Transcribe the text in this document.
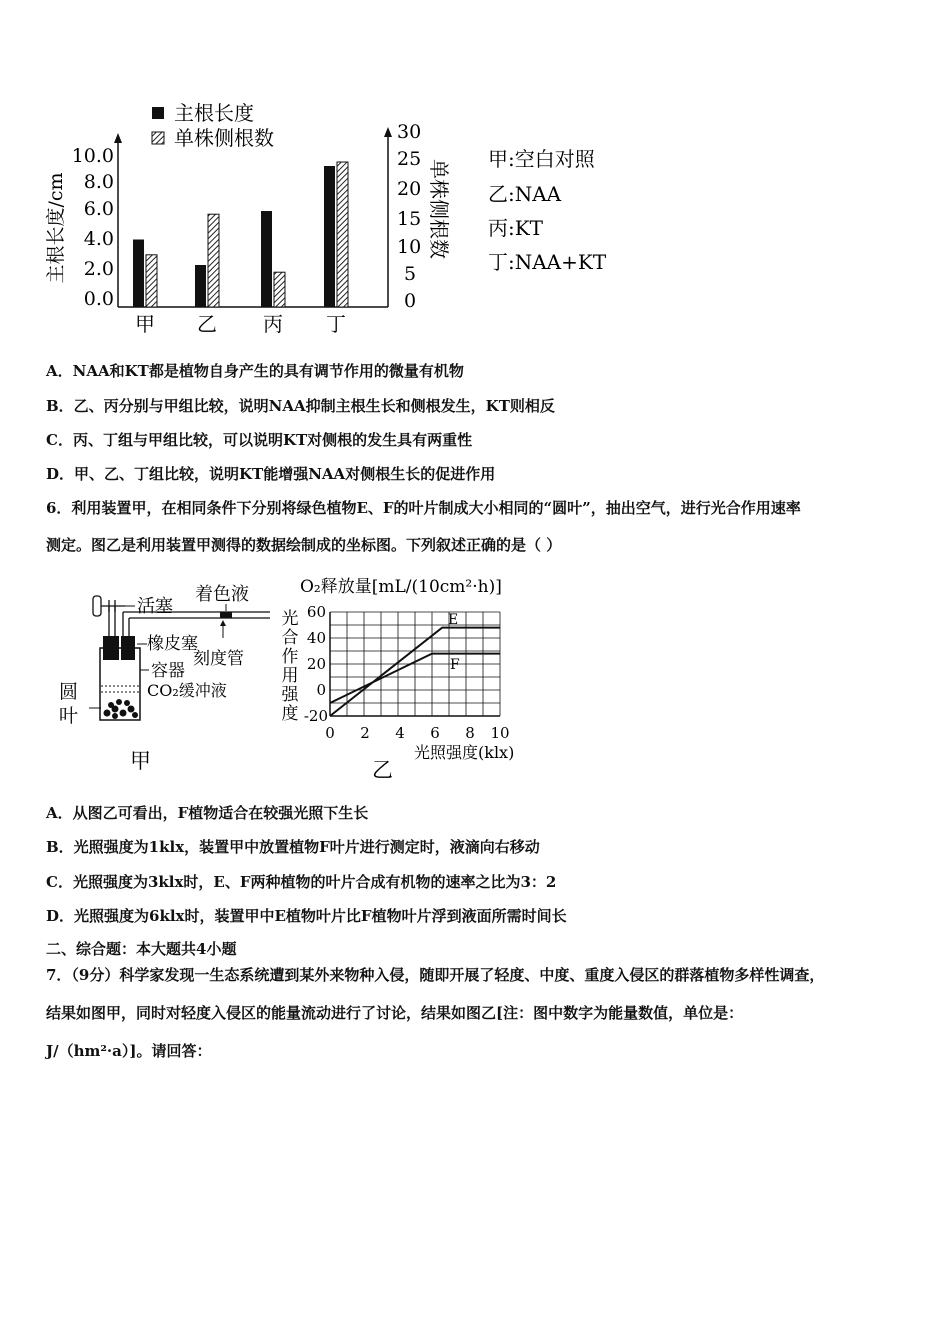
主根长度
单株侧根数
主根长度/cm
10.0
8.0
6.0
4.0
2.0
0.0
30
25
20
15
10
5
0
单株侧根数
甲 乙 丙 丁
甲:空白对照
乙:NAA
丙:KT
丁:NAA+KT
A．NAA和KT都是植物自身产生的具有调节作用的微量有机物
B．乙、丙分别与甲组比较，说明NAA抑制主根生长和侧根发生，KT则相反
C．丙、丁组与甲组比较，可以说明KT对侧根的发生具有两重性
D．甲、乙、丁组比较，说明KT能增强NAA对侧根生长的促进作用
6．利用装置甲，在相同条件下分别将绿色植物E、F的叶片制成大小相同的“圆叶”，抽出空气，进行光合作用速率
测定。图乙是利用装置甲测得的数据绘制成的坐标图。下列叙述正确的是（ ）
活塞
着色液
刻度管
橡皮塞
容器
CO₂缓冲液
圆
叶
甲
O₂释放量[mL/(10cm²·h)]
光
合
作
用
强
度
60
40
20
0
-20
0 2 4 6 8 10
光照强度(klx)
E
F
乙
A．从图乙可看出，F植物适合在较强光照下生长
B．光照强度为1klx，装置甲中放置植物F叶片进行测定时，液滴向右移动
C．光照强度为3klx时，E、F两种植物的叶片合成有机物的速率之比为3：2
D．光照强度为6klx时，装置甲中E植物叶片比F植物叶片浮到液面所需时间长
二、综合题：本大题共4小题
7．（9分）科学家发现一生态系统遭到某外来物种入侵，随即开展了轻度、中度、重度入侵区的群落植物多样性调查，
结果如图甲，同时对轻度入侵区的能量流动进行了讨论，结果如图乙[注：图中数字为能量数值，单位是：
J/（hm²·a）]。请回答：
